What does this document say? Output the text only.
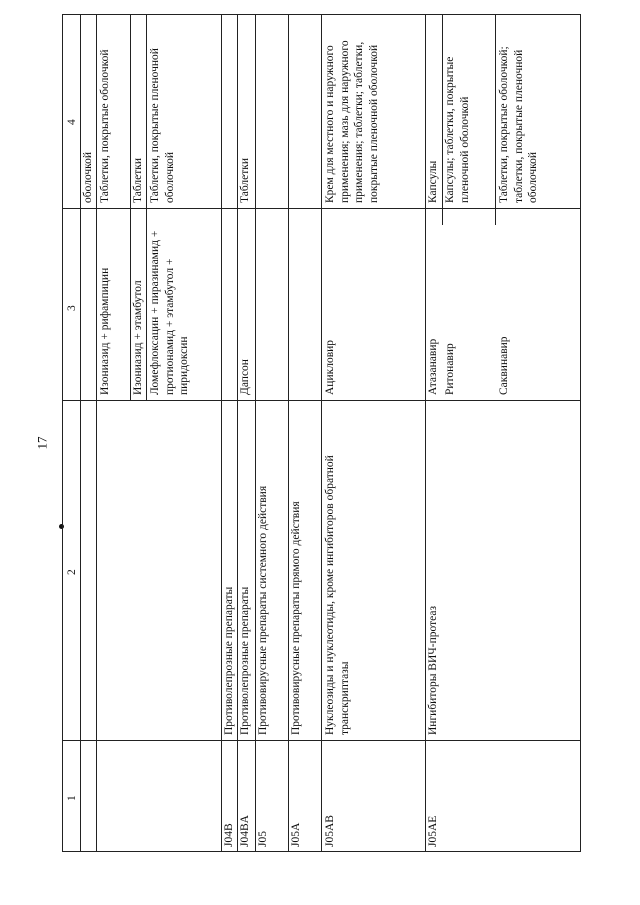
17
4
3
2
1
оболочкой
Изониазид + рифампицин
Таблетки, покрытые оболочкой
Изониазид + этамбутол
Таблетки
Ломефлоксацин + пиразинамид + протионамид + этамбутол + пиридоксин
Таблетки, покрытые пленочной оболочкой
J04B
Противолепрозные препараты
J04BA
Противолепрозные препараты
Дапсон
Таблетки
J05
Противовирусные препараты системного действия
J05A
Противовирусные препараты прямого действия
J05AB
Нуклеозиды и нуклеотиды, кроме ингибиторов обратной транскриптазы
Ацикловир
Крем для местного и наружного применения; мазь для наружного применения; таблетки; таблетки, покрытые пленочной оболочкой
J05AE
Ингибиторы ВИЧ-протеаз
Атазанавир
Капсулы
Ритонавир
Капсулы; таблетки, покрытые пленочной оболочкой
Саквинавир
Таблетки, покрытые оболочкой; таблетки, покрытые пленочной оболочкой
